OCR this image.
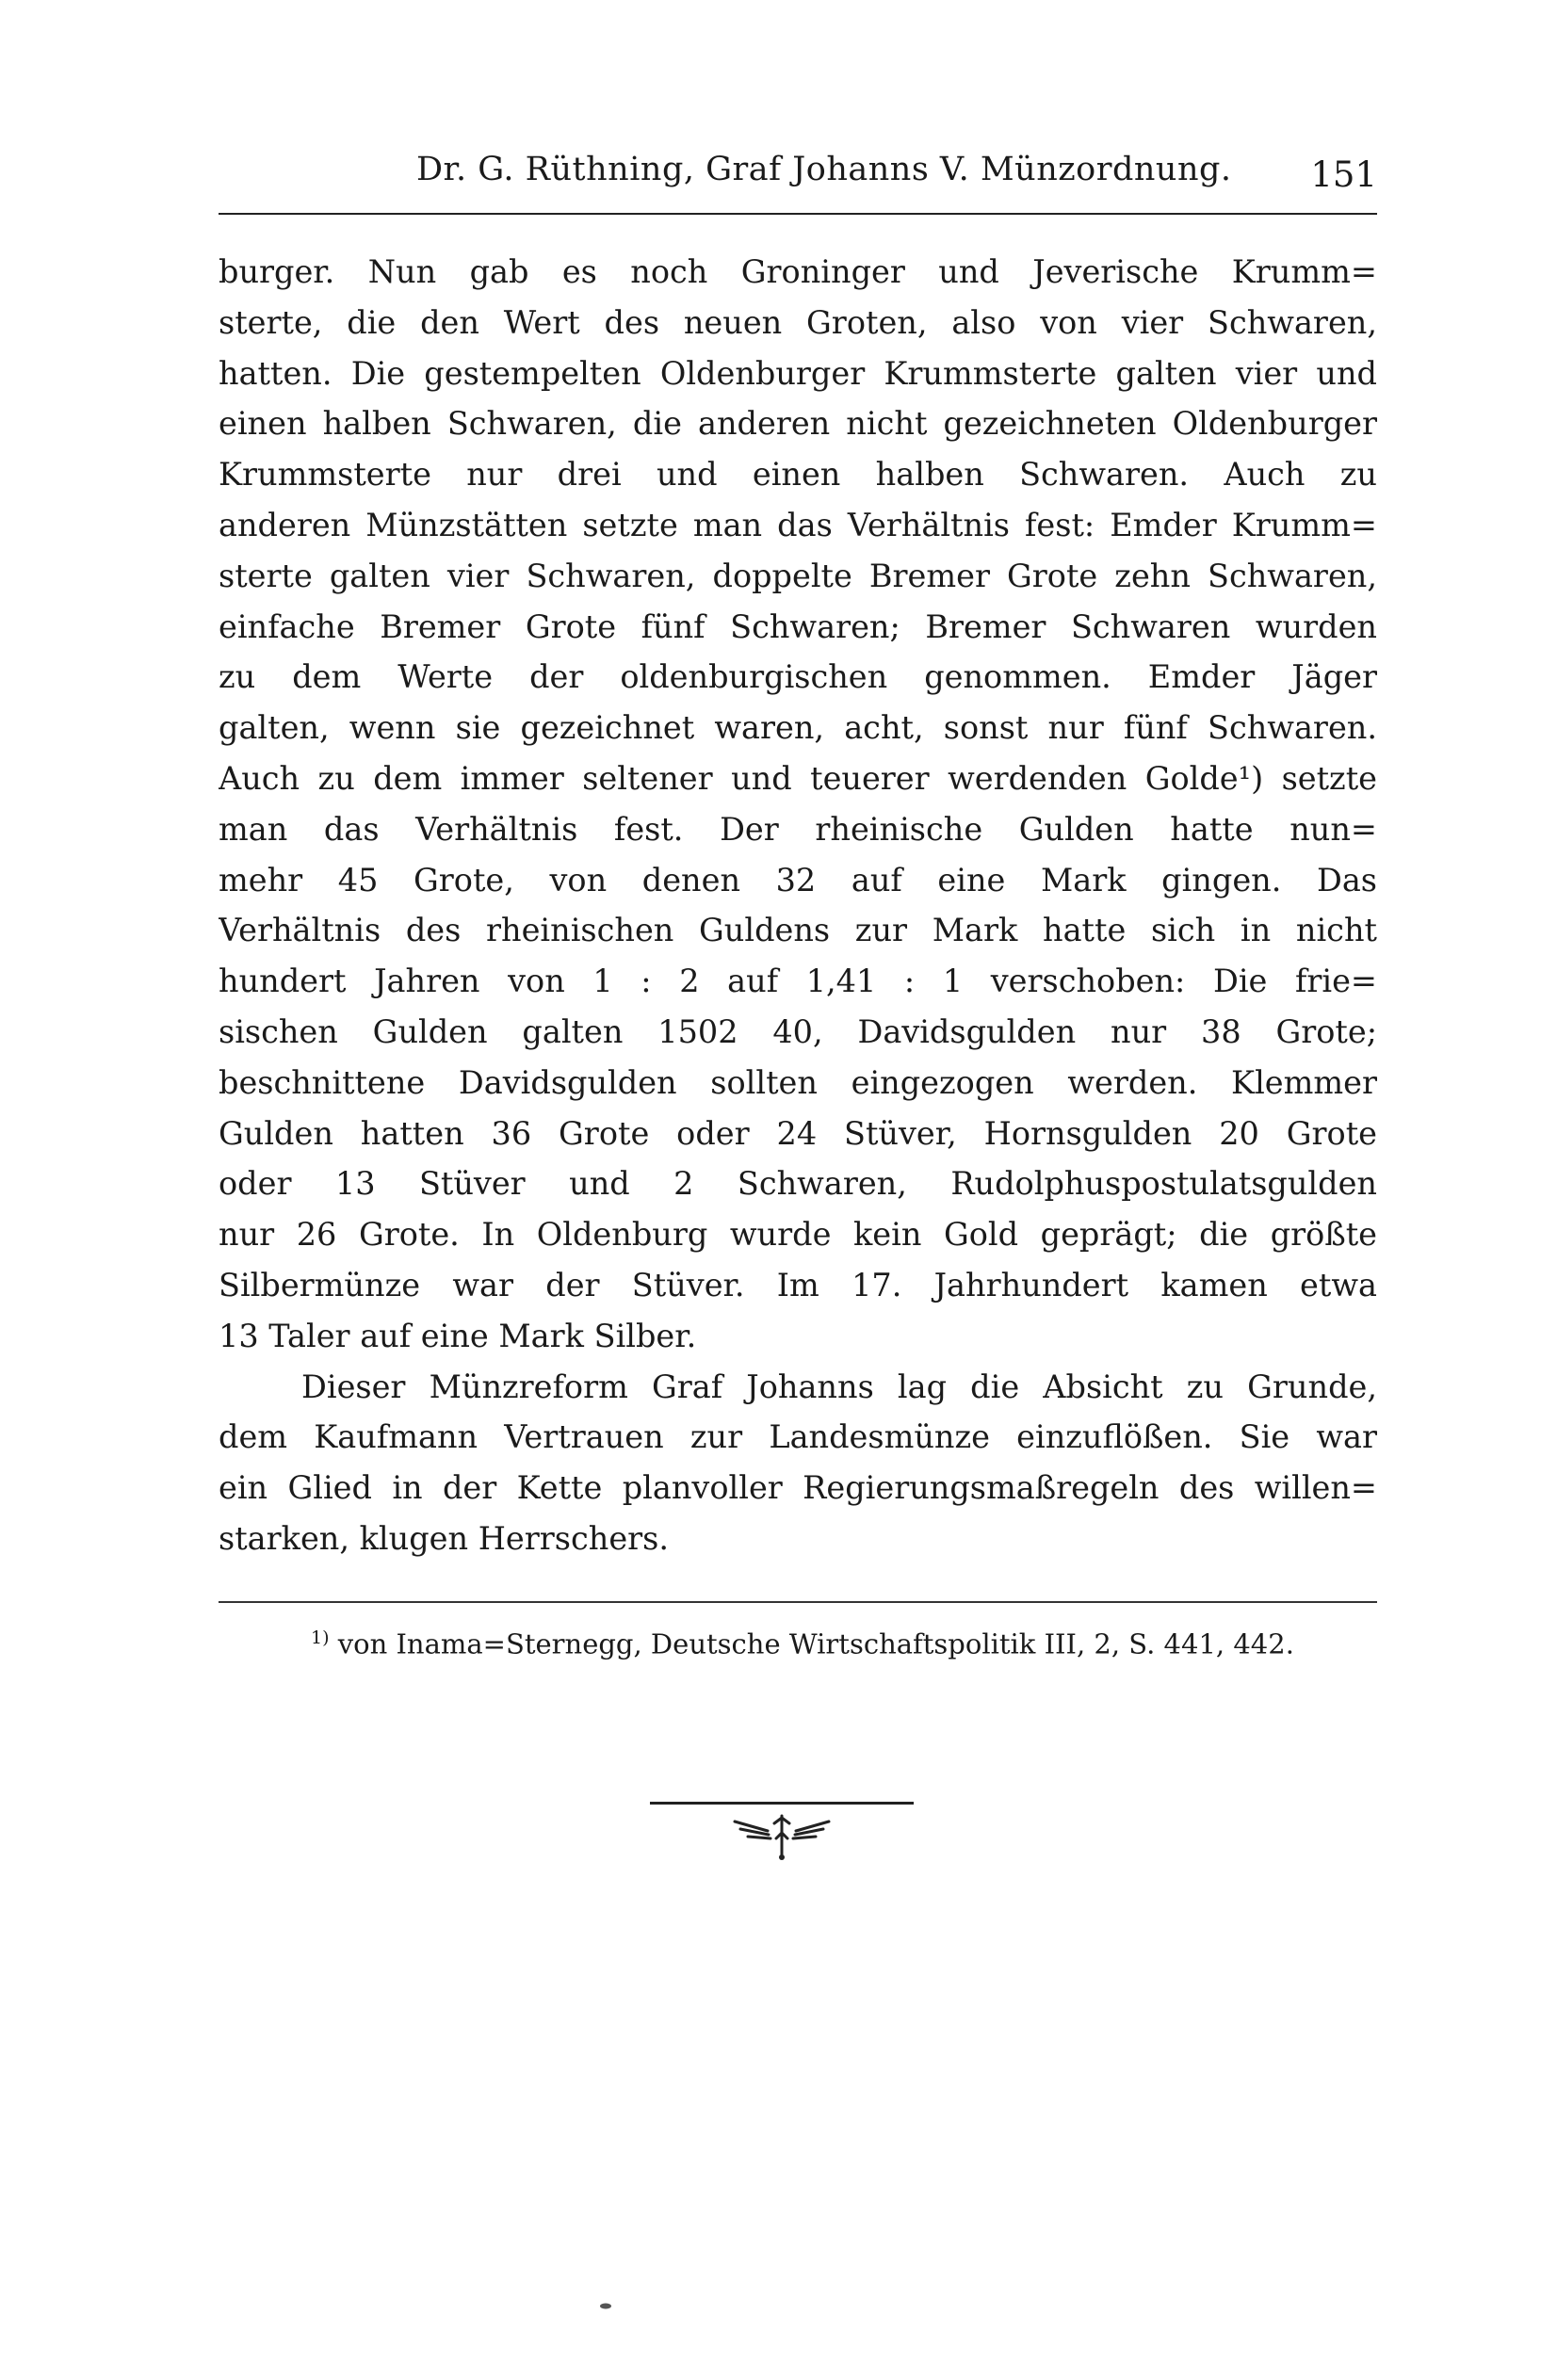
Dr. G. Rüthning, Graf Johanns V. Münzordnung. 151
burger. Nun gab es noch Groninger und Jeverische Krumm=
sterte, die den Wert des neuen Groten, also von vier Schwaren,
hatten. Die gestempelten Oldenburger Krummsterte galten vier und
einen halben Schwaren, die anderen nicht gezeichneten Oldenburger
Krummsterte nur drei und einen halben Schwaren. Auch zu
anderen Münzstätten setzte man das Verhältnis fest: Emder Krumm=
sterte galten vier Schwaren, doppelte Bremer Grote zehn Schwaren,
einfache Bremer Grote fünf Schwaren; Bremer Schwaren wurden
zu dem Werte der oldenburgischen genommen. Emder Jäger
galten, wenn sie gezeichnet waren, acht, sonst nur fünf Schwaren.
Auch zu dem immer seltener und teuerer werdenden Golde¹) setzte
man das Verhältnis fest. Der rheinische Gulden hatte nun=
mehr 45 Grote, von denen 32 auf eine Mark gingen. Das
Verhältnis des rheinischen Guldens zur Mark hatte sich in nicht
hundert Jahren von 1 : 2 auf 1,41 : 1 verschoben: Die frie=
sischen Gulden galten 1502 40, Davidsgulden nur 38 Grote;
beschnittene Davidsgulden sollten eingezogen werden. Klemmer
Gulden hatten 36 Grote oder 24 Stüver, Hornsgulden 20 Grote
oder 13 Stüver und 2 Schwaren, Rudolphuspostulatsgulden
nur 26 Grote. In Oldenburg wurde kein Gold geprägt; die größte
Silbermünze war der Stüver. Im 17. Jahrhundert kamen etwa
13 Taler auf eine Mark Silber.
Dieser Münzreform Graf Johanns lag die Absicht zu Grunde,
dem Kaufmann Vertrauen zur Landesmünze einzuflößen. Sie war
ein Glied in der Kette planvoller Regierungsmaßregeln des willen=
starken, klugen Herrschers.
$^{1)}$ von Inama=Sternegg, Deutsche Wirtschaftspolitik III, 2, S. 441, 442.
